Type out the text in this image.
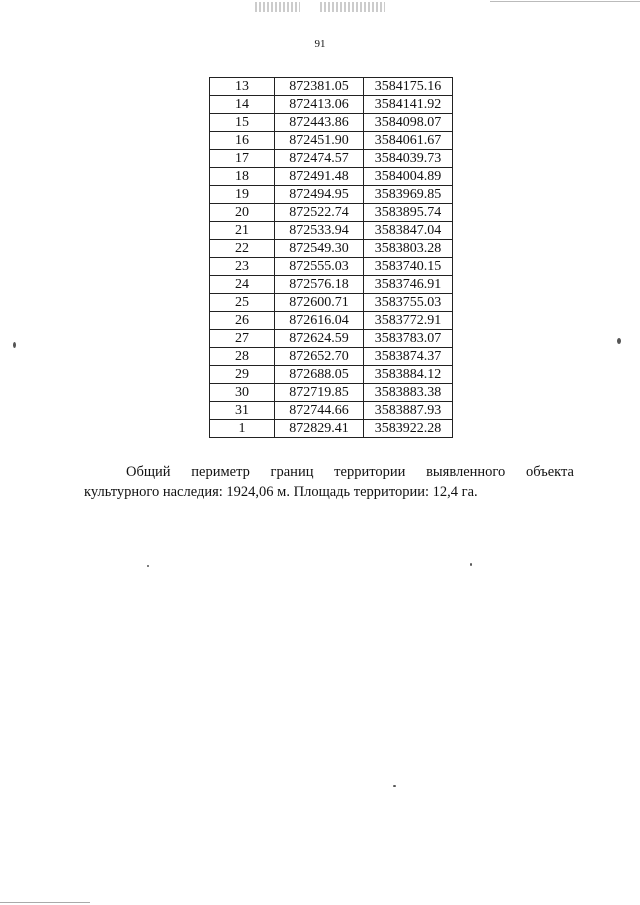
91
13	872381.05	3584175.16
14	872413.06	3584141.92
15	872443.86	3584098.07
16	872451.90	3584061.67
17	872474.57	3584039.73
18	872491.48	3584004.89
19	872494.95	3583969.85
20	872522.74	3583895.74
21	872533.94	3583847.04
22	872549.30	3583803.28
23	872555.03	3583740.15
24	872576.18	3583746.91
25	872600.71	3583755.03
26	872616.04	3583772.91
27	872624.59	3583783.07
28	872652.70	3583874.37
29	872688.05	3583884.12
30	872719.85	3583883.38
31	872744.66	3583887.93
1	872829.41	3583922.28
Общий периметр границ территории выявленного объекта
культурного наследия: 1924,06 м. Площадь территории: 12,4 га.
